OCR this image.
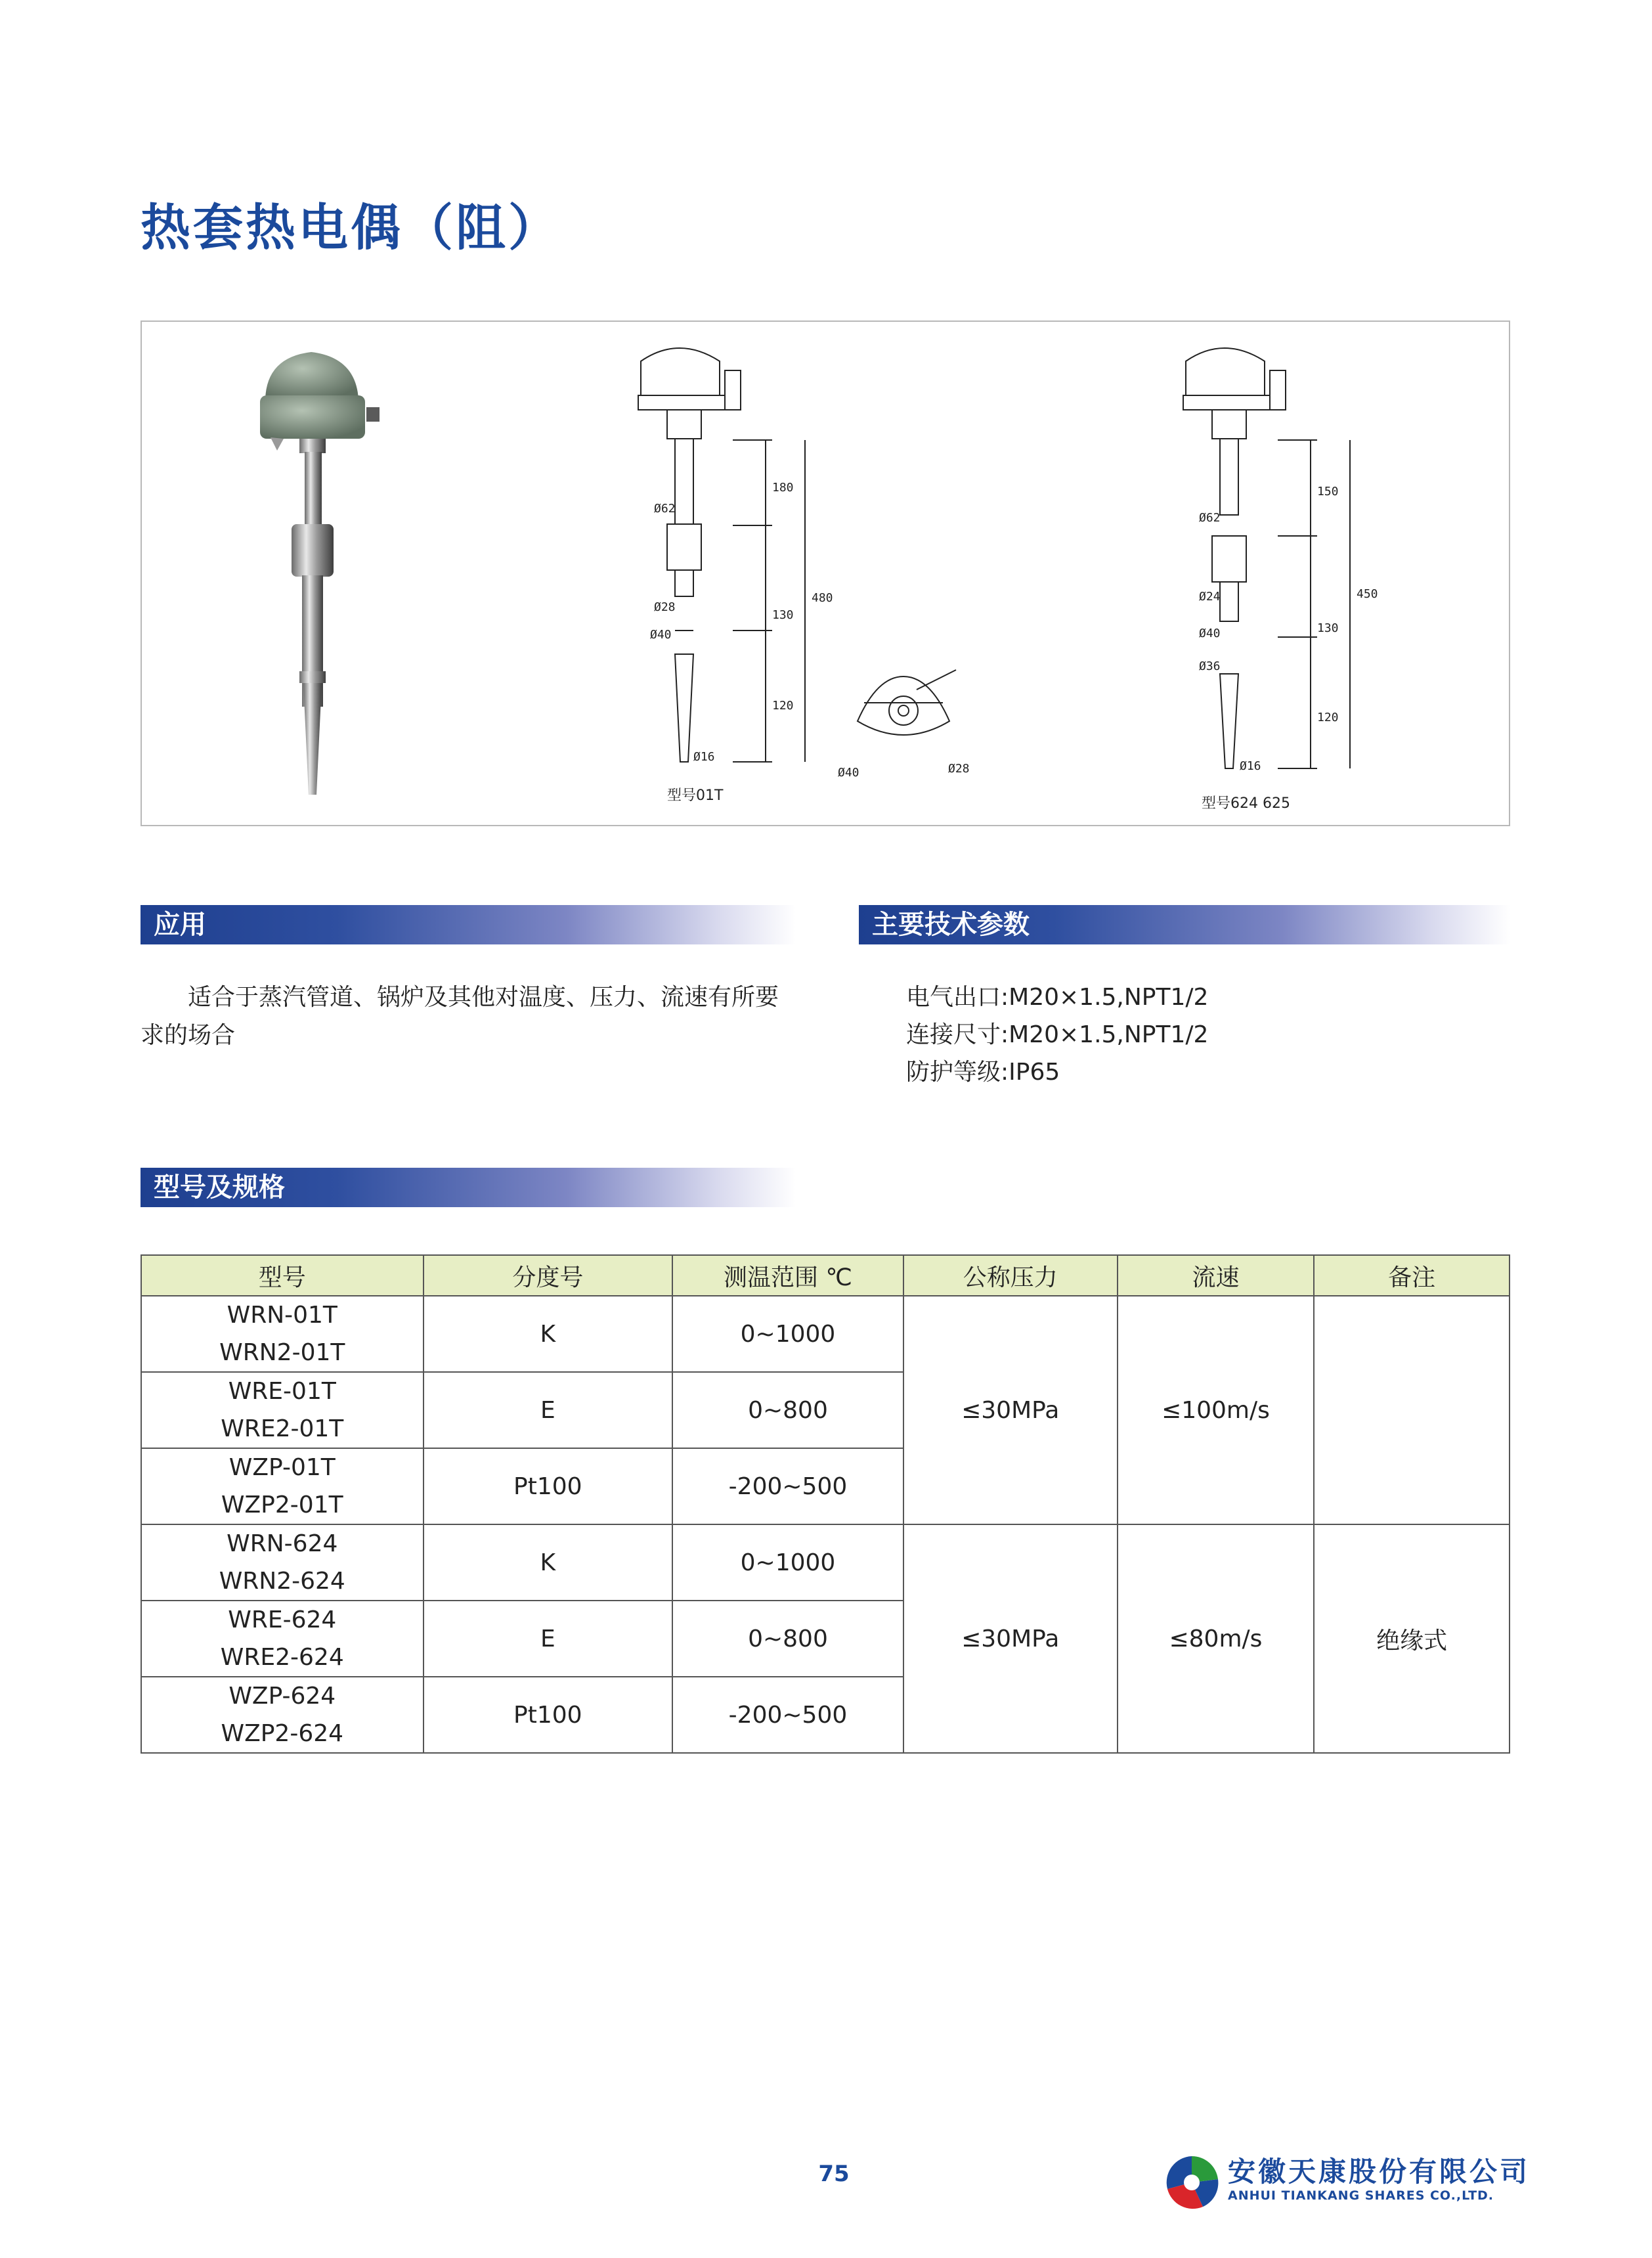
热套热电偶（阻）
180
Ø62
480
Ø28
130
Ø40
120
Ø16
型号01T
Ø40	Ø28
150
Ø62
Ø24	450
130
Ø40
Ø36
120
Ø16
型号624 625
应用	主要技术参数
适合于蒸汽管道、锅炉及其他对温度、压力、流速有所要求的场合
电气出口:M20×1.5,NPT1/2
连接尺寸:M20×1.5,NPT1/2
防护等级:IP65
型号及规格
型号	分度号	测温范围 ℃	公称压力	流速	备注

WRN-01T
WRN2-01T	K	0~1000	≤30MPa	≤100m/s	

WRE-01T
WRE2-01T	E	0~800			

WZP-01T
WZP2-01T	Pt100	-200~500			

WRN-624
WRN2-624	K	0~1000	≤30MPa	≤80m/s	绝缘式

WRE-624
WRE2-624	E	0~800			

WZP-624
WZP2-624	Pt100	-200~500			
75	安徽天康股份有限公司
ANHUI TIANKANG SHARES CO.,LTD.
